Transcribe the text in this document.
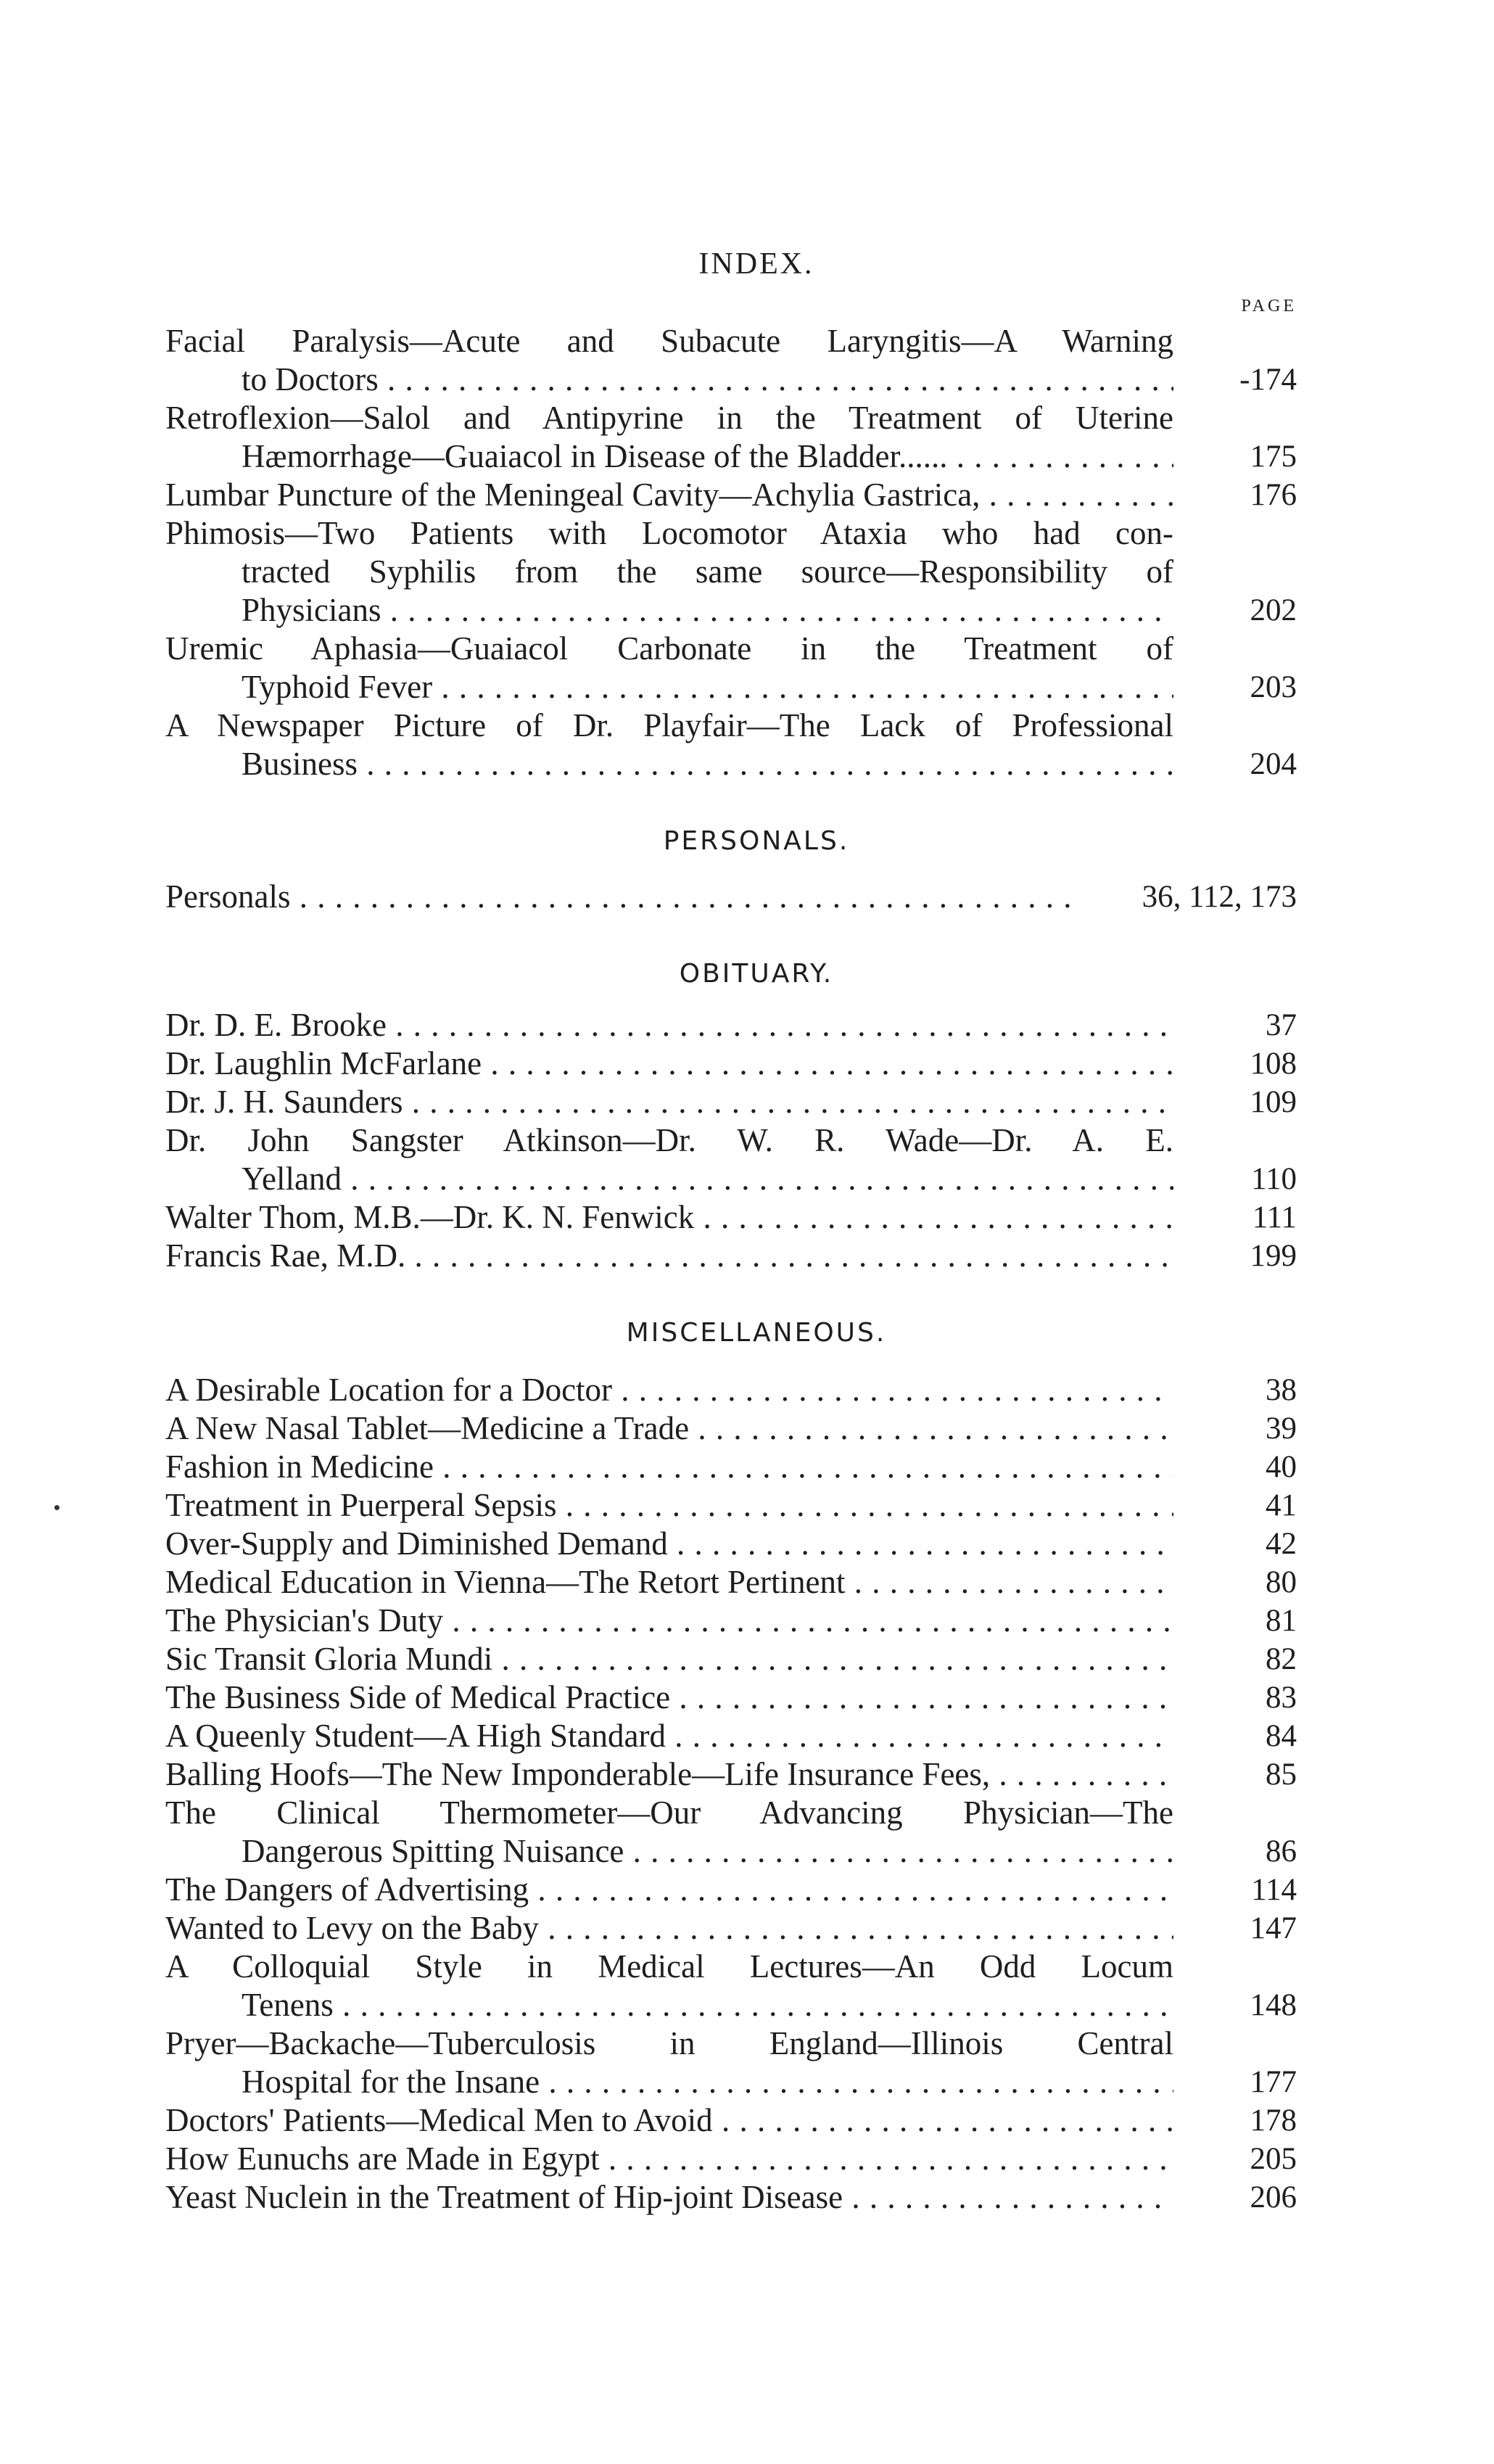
INDEX.
PAGE
Facial Paralysis—Acute and Subacute Laryngitis—A Warning
to Doctors . . .	-174
Retroflexion—Salol and Antipyrine in the Treatment of Uterine
Hæmorrhage—Guaiacol in Disease of the Bladder...... . . .	175
Lumbar Puncture of the Meningeal Cavity—Achylia Gastrica, . . .	176
Phimosis—Two Patients with Locomotor Ataxia who had con-
tracted Syphilis from the same source—Responsibility of
Physicians . . .	202
Uremic Aphasia—Guaiacol Carbonate in the Treatment of
Typhoid Fever . . .	203
A Newspaper Picture of Dr. Playfair—The Lack of Professional
Business . . .	204
PERSONALS.
Personals . . .	36, 112, 173
OBITUARY.
Dr. D. E. Brooke . . .	37
Dr. Laughlin McFarlane . . .	108
Dr. J. H. Saunders . . .	109
Dr. John Sangster Atkinson—Dr. W. R. Wade—Dr. A. E.
Yelland . . .	110
Walter Thom, M.B.—Dr. K. N. Fenwick . . .	111
Francis Rae, M.D. . . .	199
MISCELLANEOUS.
A Desirable Location for a Doctor . . .	38
A New Nasal Tablet—Medicine a Trade . . .	39
Fashion in Medicine . . .	40
Treatment in Puerperal Sepsis . . .	41
Over-Supply and Diminished Demand . . .	42
Medical Education in Vienna—The Retort Pertinent . . .	80
The Physician's Duty . . .	81
Sic Transit Gloria Mundi . . .	82
The Business Side of Medical Practice . . .	83
A Queenly Student—A High Standard . . .	84
Balling Hoofs—The New Imponderable—Life Insurance Fees, . . .	85
The Clinical Thermometer—Our Advancing Physician—The
Dangerous Spitting Nuisance . . .	86
The Dangers of Advertising . . .	114
Wanted to Levy on the Baby . . .	147
A Colloquial Style in Medical Lectures—An Odd Locum
Tenens . . .	148
Pryer—Backache—Tuberculosis in England—Illinois Central
Hospital for the Insane . . .	177
Doctors' Patients—Medical Men to Avoid . . .	178
How Eunuchs are Made in Egypt . . .	205
Yeast Nuclein in the Treatment of Hip-joint Disease . . .	206
